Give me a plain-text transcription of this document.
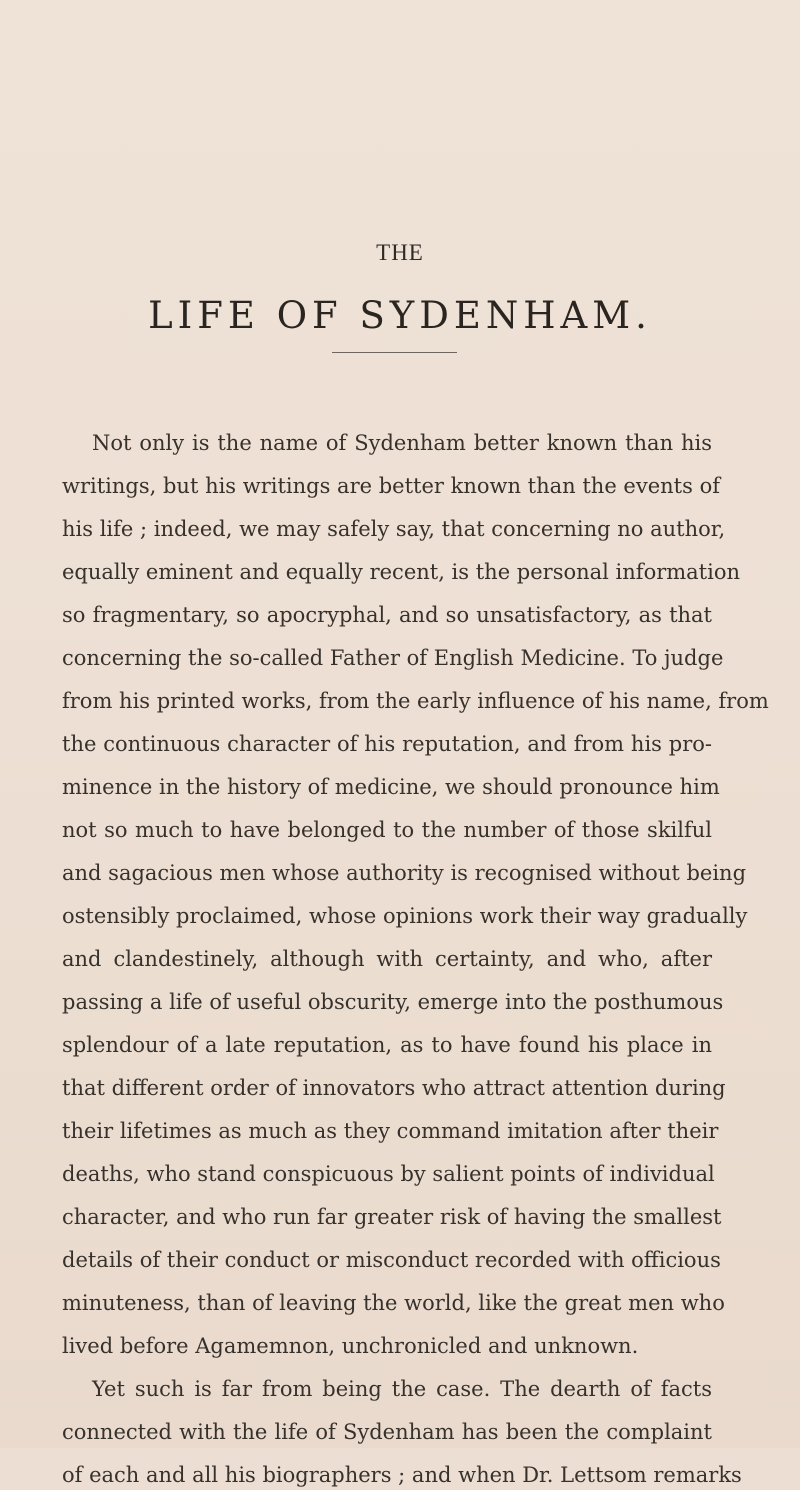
THE
LIFE OF SYDENHAM.
Not only is the name of Sydenham better known than his
writings, but his writings are better known than the events of
his life ; indeed, we may safely say, that concerning no author,
equally eminent and equally recent, is the personal information
so fragmentary, so apocryphal, and so unsatisfactory, as that
concerning the so-called Father of English Medicine. To judge
from his printed works, from the early influence of his name, from
the continuous character of his reputation, and from his pro-
minence in the history of medicine, we should pronounce him
not so much to have belonged to the number of those skilful
and sagacious men whose authority is recognised without being
ostensibly proclaimed, whose opinions work their way gradually
and clandestinely, although with certainty, and who, after
passing a life of useful obscurity, emerge into the posthumous
splendour of a late reputation, as to have found his place in
that different order of innovators who attract attention during
their lifetimes as much as they command imitation after their
deaths, who stand conspicuous by salient points of individual
character, and who run far greater risk of having the smallest
details of their conduct or misconduct recorded with officious
minuteness, than of leaving the world, like the great men who
lived before Agamemnon, unchronicled and unknown.
Yet such is far from being the case. The dearth of facts
connected with the life of Sydenham has been the complaint
of each and all his biographers ; and when Dr. Lettsom remarks
